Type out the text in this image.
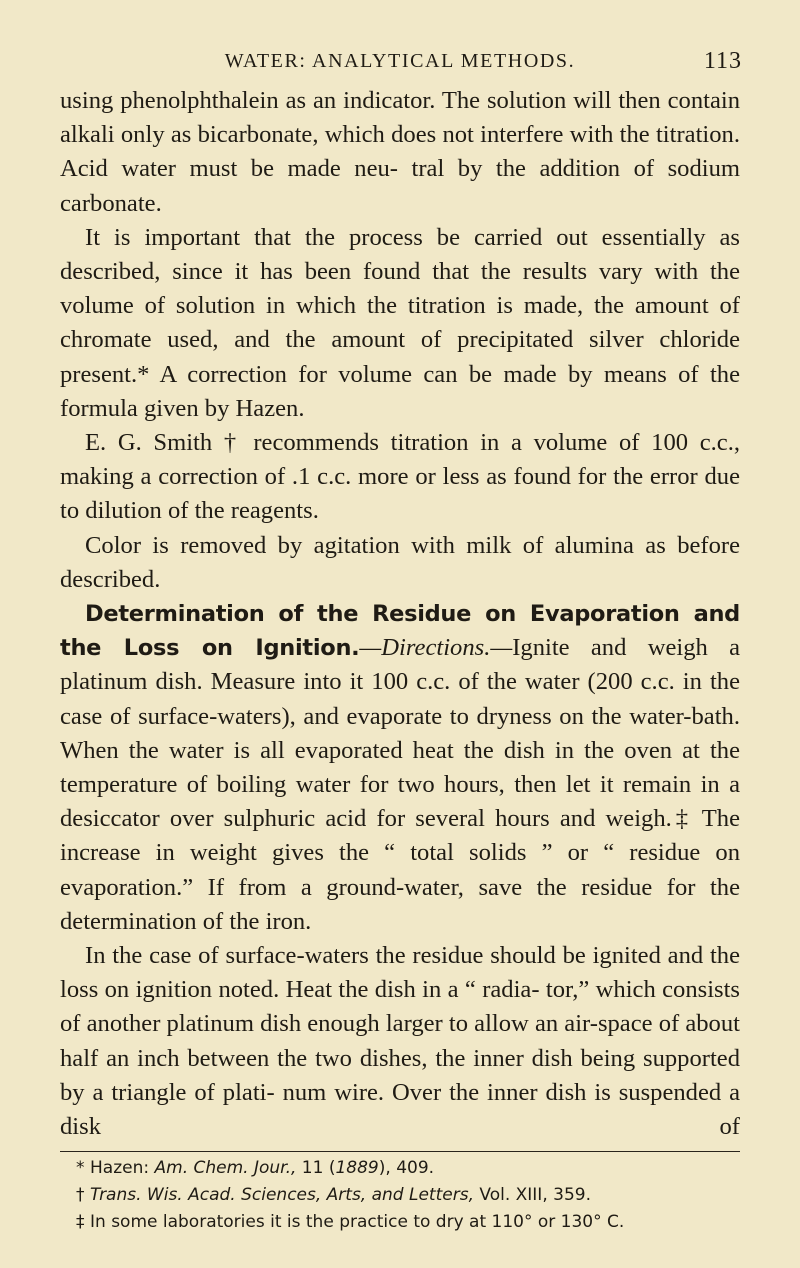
WATER: ANALYTICAL METHODS.	113

using phenolphthalein as an indicator. The solution will then contain alkali only as bicarbonate, which does not interfere with the titration. Acid water must be made neu- tral by the addition of sodium carbonate.

It is important that the process be carried out essentially as described, since it has been found that the results vary with the volume of solution in which the titration is made, the amount of chromate used, and the amount of precipitated silver chloride present.* A correction for volume can be made by means of the formula given by Hazen.

E. G. Smith † recommends titration in a volume of 100 c.c., making a correction of .1 c.c. more or less as found for the error due to dilution of the reagents.

Color is removed by agitation with milk of alumina as before described.

Determination of the Residue on Evaporation and the Loss on Ignition.—Directions.—Ignite and weigh a platinum dish. Measure into it 100 c.c. of the water (200 c.c. in the case of surface-waters), and evaporate to dryness on the water-bath. When the water is all evaporated heat the dish in the oven at the temperature of boiling water for two hours, then let it remain in a desiccator over sulphuric acid for several hours and weigh.‡ The increase in weight gives the “ total solids ” or “ residue on evaporation.” If from a ground-water, save the residue for the determination of the iron.

In the case of surface-waters the residue should be ignited and the loss on ignition noted. Heat the dish in a “ radia- tor,” which consists of another platinum dish enough larger to allow an air-space of about half an inch between the two dishes, the inner dish being supported by a triangle of plati- num wire. Over the inner dish is suspended a disk of

* Hazen: Am. Chem. Jour., 11 (1889), 409.

† Trans. Wis. Acad. Sciences, Arts, and Letters, Vol. XIII, 359.

‡ In some laboratories it is the practice to dry at 110° or 130° C.
